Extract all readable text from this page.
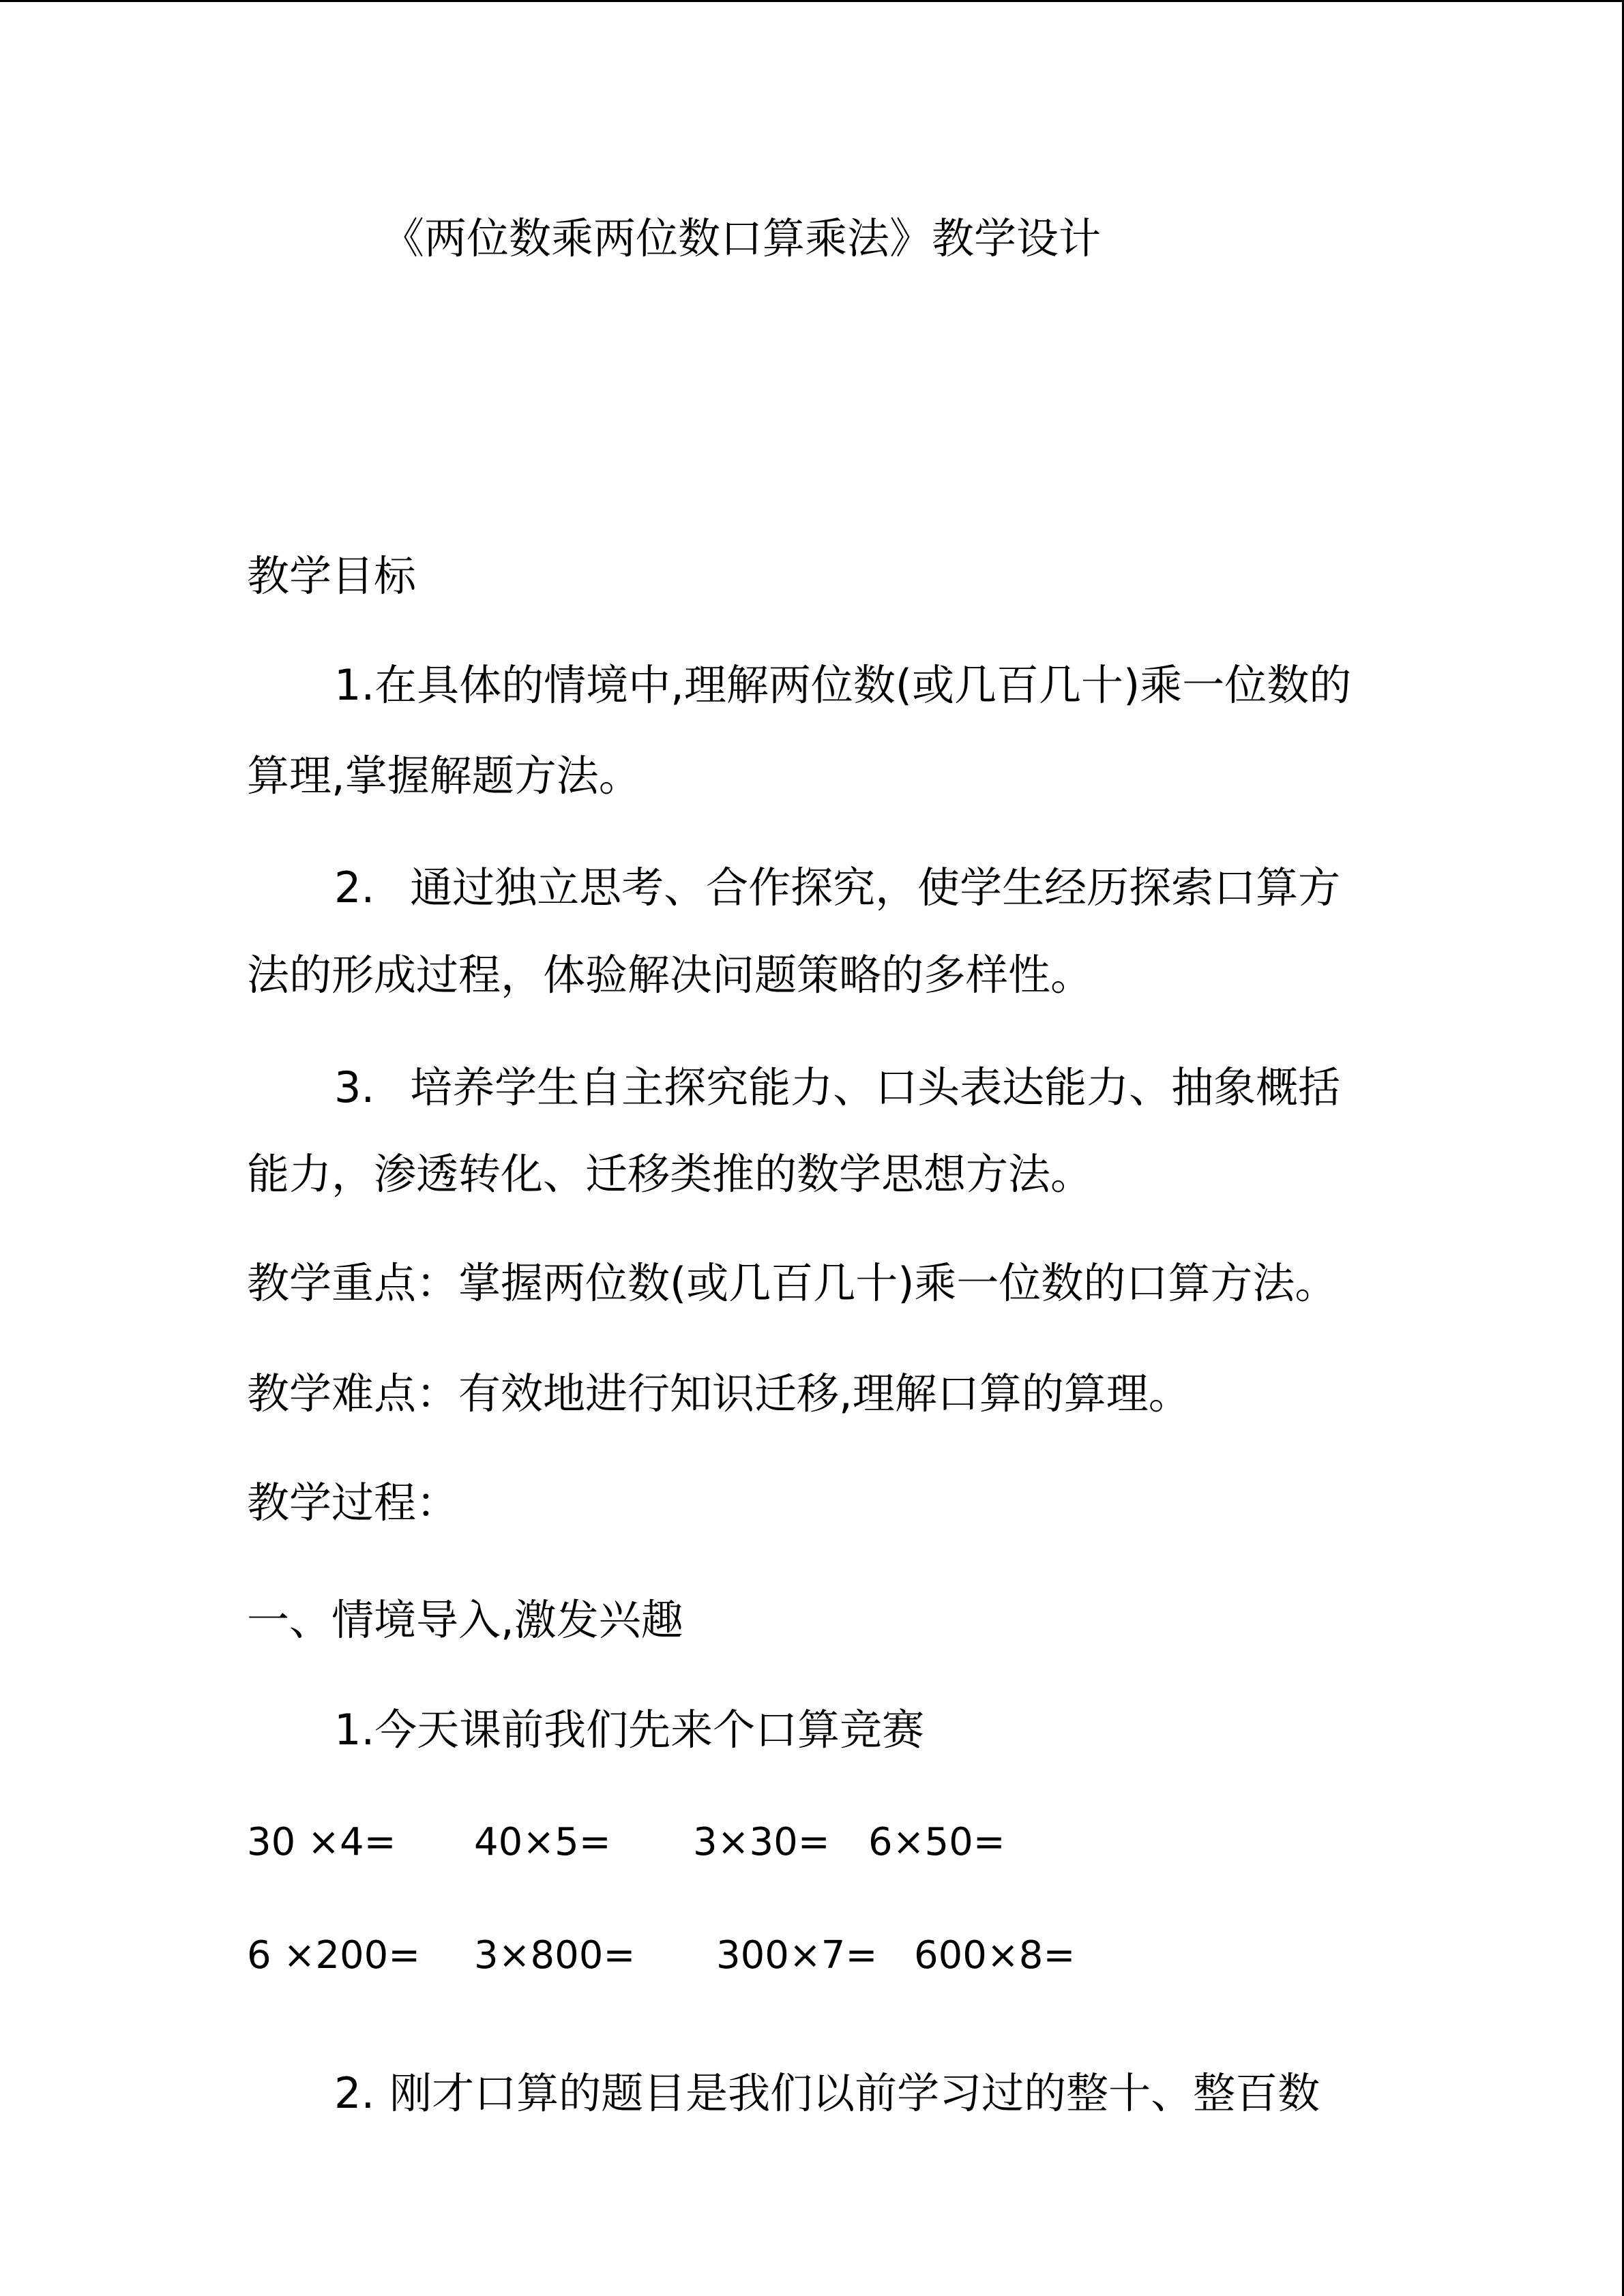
《两位数乘两位数口算乘法》教学设计
教学目标
1.在具体的情境中,理解两位数(或几百几十)乘一位数的
算理,掌握解题方法。
2. 通过独立思考、合作探究，使学生经历探索口算方
法的形成过程，体验解决问题策略的多样性。
3. 培养学生自主探究能力、口头表达能力、抽象概括
能力，渗透转化、迁移类推的数学思想方法。
教学重点：掌握两位数(或几百几十)乘一位数的口算方法。
教学难点：有效地进行知识迁移,理解口算的算理。
教学过程：
一、情境导入,激发兴趣
1.今天课前我们先来个口算竞赛
30 ×4= 40×5= 3×30= 6×50=
6 ×200= 3×800= 300×7= 600×8=
2. 刚才口算的题目是我们以前学习过的整十、整百数
